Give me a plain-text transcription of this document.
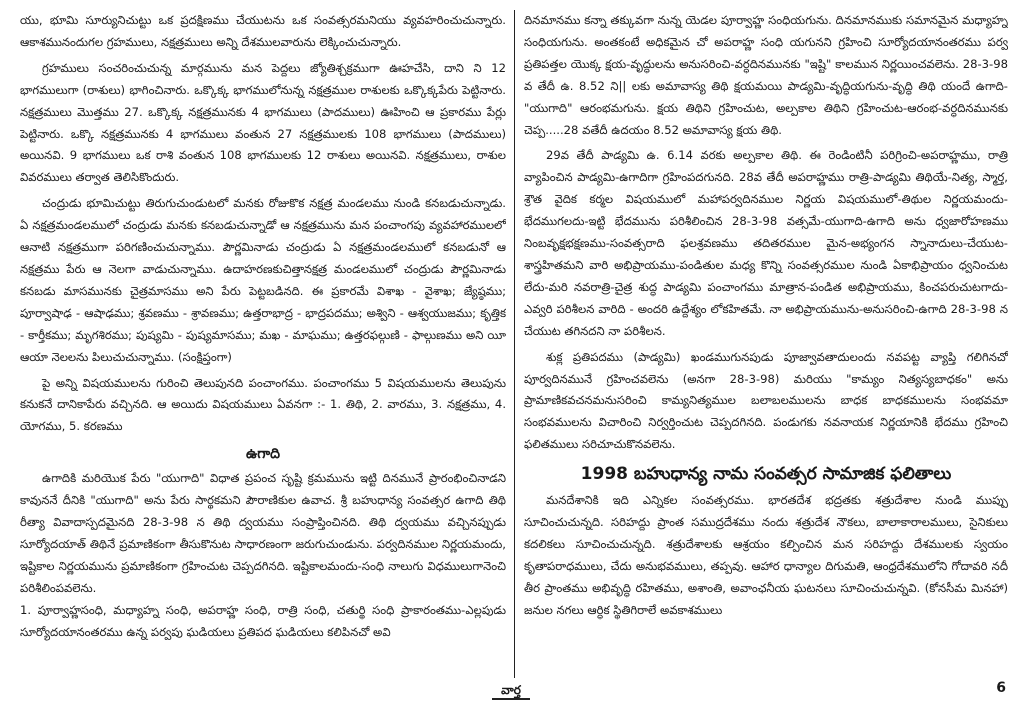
యు, భూమి సూర్యునిచుట్టు ఒక ప్రదక్షిణము చేయుటను ఒక సంవత్సరమనియు వ్యవహరించుచున్నారు. ఆకాశమునందుగల గ్రహములు, నక్షత్రములు అన్ని దేశములవారును లెక్కించుచున్నారు.

గ్రహములు సంచరించుచున్న మార్గమును మన పెద్దలు జ్యోతిశ్చక్రముగా ఊహచేసి, దాని ని 12 భాగములుగా (రాశులు) భాగించినారు. ఒక్కొక్క భాగములోనున్న నక్షత్రముల రాశులకు ఒక్కొక్కపేరు పెట్టినారు. నక్షత్రములు మొత్తము 27. ఒక్కొక్క నక్షత్రమునకు 4 భాగములు (పాదములు) ఊహించి ఆ ప్రకారము పేర్లు పెట్టినారు. ఒక్కొ నక్షత్రమునకు 4 భాగములు వంతున 27 నక్షత్రములకు 108 భాగములు (పాదములు) అయినవి. 9 భాగములు ఒక రాశి వంతున 108 భాగములకు 12 రాశులు అయినవి. నక్షత్రములు, రాశుల వివరములు తర్వాత తెలిసికొందురు.

చంద్రుడు భూమిచుట్టు తిరుగుచుండుటలో మనకు రోజుకొక నక్షత్ర మండలము నుండి కనబడుచున్నాడు. ఏ నక్షత్రమండలములో చంద్రుడు మనకు కనబడుచున్నాడో ఆ నక్షత్రమును మన పంచాంగపు వ్యవహారములలో ఆనాటి నక్షత్రముగా పరిగణించుచున్నాము. పౌర్ణమినాడు చంద్రుడు ఏ నక్షత్రమండలములో కనబడునో ఆ నక్షత్రము పేరు ఆ నెలగా వాడుచున్నాము. ఉదాహరణకుచిత్తానక్షత్ర మండలములో చంద్రుడు పౌర్ణమినాడు కనబడు మాసమునకు చైత్రమాసము అని పేరు పెట్టబడినది. ఈ ప్రకారమే విశాఖ - వైశాఖ; జ్యేష్ఠము; పూర్వాషాఢ - ఆషాఢము; శ్రవణము - శ్రావణము; ఉత్తరాభాద్ర - భాద్రపదము; అశ్విని - ఆశ్వయుజము; కృత్తిక - కార్తీకము; మృగశిరము; పుష్యమి - పుష్యమాసము; మఖ - మాఘము; ఉత్తరఫల్గుణి - ఫాల్గుణము అని యీ ఆయా నెలలను పిలుచుచున్నాము. (సంక్షిప్తంగా)

పై అన్ని విషయములను గురించి తెలుపునది పంచాంగము. పంచాంగము 5 విషయములను తెలుపును కనుకనే దానికాపేరు వచ్చినది. ఆ అయిదు విషయములు ఏవనగా :- 1. తిథి, 2. వారము, 3. నక్షత్రము, 4. యోగము, 5. కరణము

ఉగాది

ఉగాదికి మరియొక పేరు "యుగాది" విధాత ప్రపంచ సృష్టి క్రమమును ఇట్టి దినమునే ప్రారంభించినాడని కావుననే దీనికి "యుగాది" అను పేరు సార్థకమని పౌరాణికుల ఉవాచ. శ్రీ బహుధాన్య సంవత్సర ఉగాది తిథి రీత్యా వివాదాస్పదమైనది 28-3-98 న తిథి ద్వయము సంప్రాప్తించినది. తిథి ద్వయము వచ్చినప్పుడు సూర్యోదయాత్ తిథినే ప్రమాణికంగా తీసుకొనుట సాధారణంగా జరుగుచుండును. పర్వదినముల నిర్ణయమందు, ఇష్టికాల నిర్ణయమును ప్రమాణికంగా గ్రహించుట చెప్పదగినది. ఇష్టికాలమందు-సంధి నాలుగు విధములుగానెంచి పరిశీలింపవలెను.

1. పూర్వాహ్ణసంధి, మధ్యాహ్న సంధి, అపరాహ్ణ సంధి, రాత్రి సంధి, చతుర్థి సంధి ప్రాకారంతము-ఎల్లపుడు సూర్యోదయానంతరము ఉన్న పర్వపు ఘడియలు ప్రతిపద ఘడియలు కలిపినచో అవి

దినమానము కన్నా తక్కువగా నున్న యెడల పూర్వాహ్ణ సంధియగును. దినమానముకు సమానమైన మధ్యాహ్న సంధియగును. అంతకంటే అధికమైన చో అపరాహ్ణ సంధి యగునని గ్రహించి సూర్యోదయానంతరము పర్వ ప్రతిపత్తల యొక్క క్షయ-వృద్ధులను అనుసరించి-వర్ధదినమునకు "ఇష్టి" కాలమున నిర్ణయించవలెను. 28-3-98 వ తేదీ ఉ. 8.52 ని|| లకు అమావాస్య తిథి క్షయమయి పాడ్యమి-వృద్ధియగును-వృద్ధి తిథి యందే ఉగాది-"యుగాది" ఆరంభమగును. క్షయ తిథిని గ్రహించుట, అల్పకాల తిథిని గ్రహించుట-ఆరంభ-వర్ధదినమునకు చెప్ప.....28 వతేదీ ఉదయం 8.52 అమావాస్య క్షయ తిథి.

29వ తేదీ పాడ్యమి ఉ. 6.14 వరకు అల్పకాల తిథి. ఈ రెండింటినీ పరిగ్రించి-అపరాహ్ణము, రాత్రి వ్యాపించిన పాడ్యమి-ఉగాదిగా గ్రహింపదగునది. 28వ తేదీ అపరాహ్ణము రాత్రి-పాడ్యమి తిథియే-నిత్య, స్మార్త, శ్రౌత వైదిక కర్మల విషయములో మహాపర్వదినముల నిర్ణయ విషయములో-తిథుల నిర్ణయమందు-భేదముగలదు-ఇట్టి భేదమును పరిశీలించిన 28-3-98 వత్సమే-యుగాది-ఉగాది అను ధ్వజారోహణము నింబవృక్షభక్షణము-సంవత్సరాది ఫలశ్రవణము తదితరముల మైన-అభ్యంగన స్నానాదులు-చేయుట-శాస్త్రహితమని వారి అభిప్రాయము-పండితుల మధ్య కొన్ని సంవత్సరముల నుండి ఏకాభిప్రాయం ధ్వనించుట లేదు-మరి నవరాత్రి-చైత్ర శుద్ధ పాడ్యమి పంచాంగము మాత్రాన-పండిత అభిప్రాయము, కించపరుచుటగాదు-ఎవ్వరి పరిశీలన వారిది - అందరి ఉద్దేశ్యం లోకహితమే. నా అభిప్రాయమును-అనుసరించి-ఉగాది 28-3-98 న చేయుట తగినదని నా పరిశీలన.

శుక్ల ప్రతిపదము (పాడ్యమి) ఖండముగునపుడు పూజ్వావతాదులందు నవపట్ట వ్యాప్తి గలిగినచో పూర్వదినమునే గ్రహించవలెను (అనగా 28-3-98) మరియు "కామ్యం నిత్యస్యబాధకం" అను ప్రామాణికవచనమనుసరించి కామ్యనిత్యముల బలాబలములను బాధక బాధకములను సంభవమా సంభవములను విచారించి నిర్వర్తించుట చెప్పదగినది. పండుగకు నవనాయక నిర్ణయానికి భేదము గ్రహించి ఫలితములు సరిచూచుకొనవలెను.

1998 బహుధాన్య నామ సంవత్సర సామాజిక ఫలితాలు

మనదేశానికి ఇది ఎన్నికల సంవత్సరము. భారతదేశ భద్రతకు శత్రుదేశాల నుండి ముప్పు సూచించుచున్నది. సరిహద్దు ప్రాంత సముద్రదేశము నందు శత్రుదేశ నౌకలు, బాలాకారాలములు, సైనికులు కదలికలు సూచించుచున్నది. శత్రుదేశాలకు ఆశ్రయం కల్పించిన మన సరిహద్దు దేశములకు స్వయం కృతాపరాధములు, చేదు అనుభవములు, తప్పవు. ఆహార ధాన్యాల దిగుమతి, ఆంధ్రదేశములోని గోదావరి నదీ తీర ప్రాంతము అభివృద్ధి రహితము, అశాంతి, అవాంఛనీయ ఘటనలు సూచించుచున్నవి. (కోనసీమ మినహా) జనుల నగలు ఆర్ధిక స్థితిగిరాలే అవకాశములు

వార్త	6
